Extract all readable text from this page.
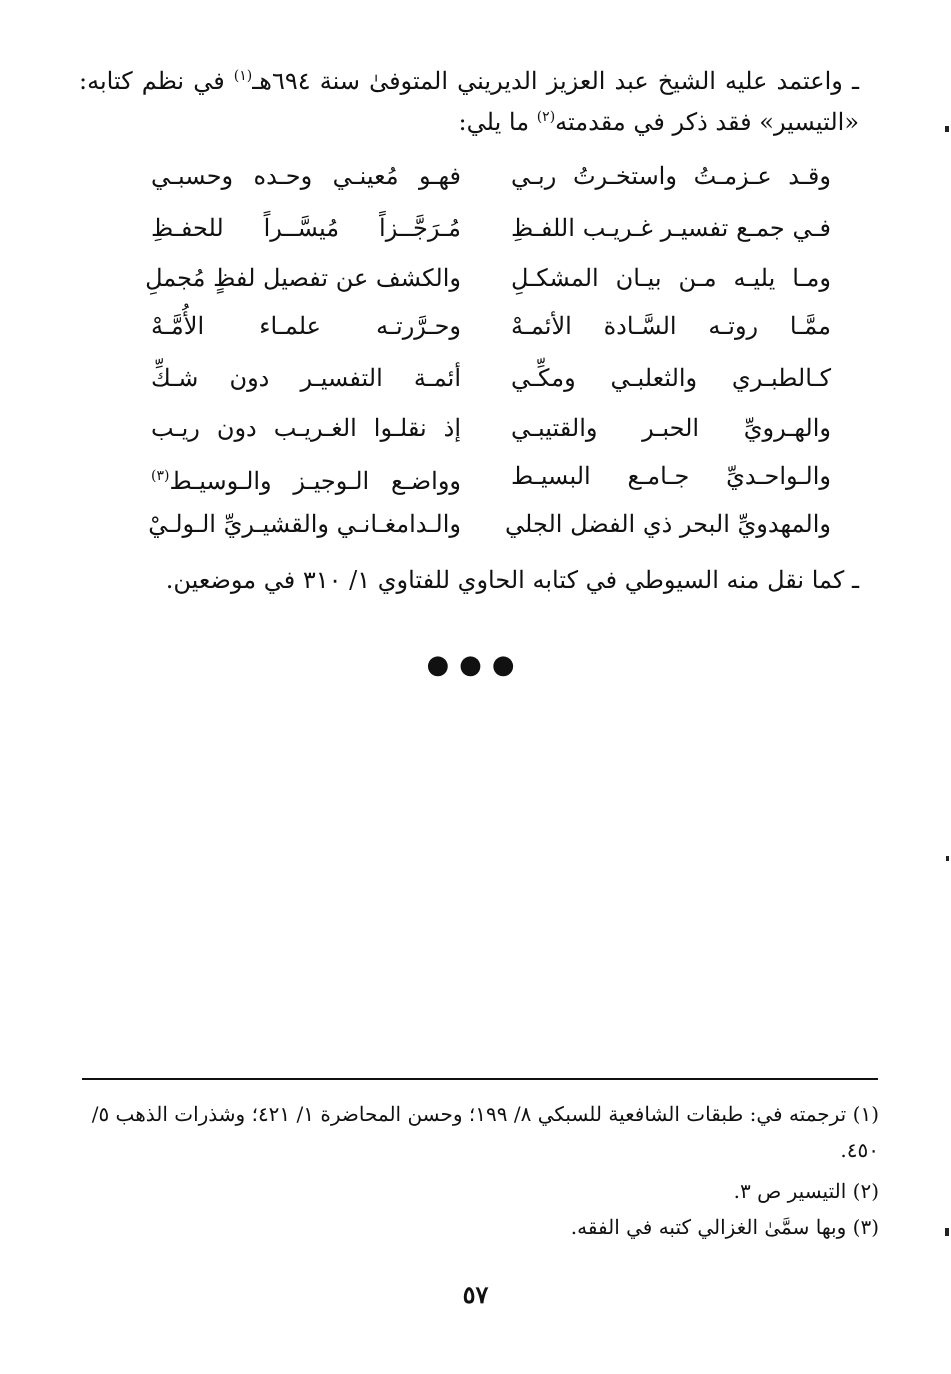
ـ واعتمد عليه الشيخ عبد العزيز الديريني المتوفىٰ سنة ٦٩٤هـ$^{(١)}$ في نظم كتابه: «التيسير» فقد ذكر في مقدمته$^{(٢)}$ ما يلي:

وقـد عـزمـتُ واستخـرتُ ربـي
فهـو مُعينـي وحـده وحسبـي
فـي جمـع تفسيـر غـريـب اللفـظِ
مُـرَجَّــزاً مُيسَّــراً للحفـظِ
ومـا يليـه مـن بيـان المشكـلِ
والكشف عن تفصيل لفظٍ مُجملِ
ممَّـا روتـه السَّـادة الأئمـهْ
وحـرَّرتـه علمـاء الأُمَّـهْ
كـالطبـري والثعلبـي ومكِّـي
أئمـة التفسيـر دون شـكِّ
والهـرويِّ الحبـر والقتيبـي
إذ نقلـوا الغـريـب دون ريـب
والـواحـديِّ جـامـع البسيـط
وواضـع الـوجيـز والـوسيـط$^{(٣)}$
والمهدويِّ البحر ذي الفضل الجلي
والـدامغـانـي والقشيـريِّ الـولـيْ

ـ كما نقل منه السيوطي في كتابه الحاوي للفتاوي ١/ ٣١٠ في موضعين.

●●●
(١) ترجمته في: طبقات الشافعية للسبكي ٨/ ١٩٩؛ وحسن المحاضرة ١/ ٤٢١؛ وشذرات الذهب ٥/ ٤٥٠.
(٢) التيسير ص ٣.
(٣) وبها سمَّىٰ الغزالي كتبه في الفقه.
٥٧
